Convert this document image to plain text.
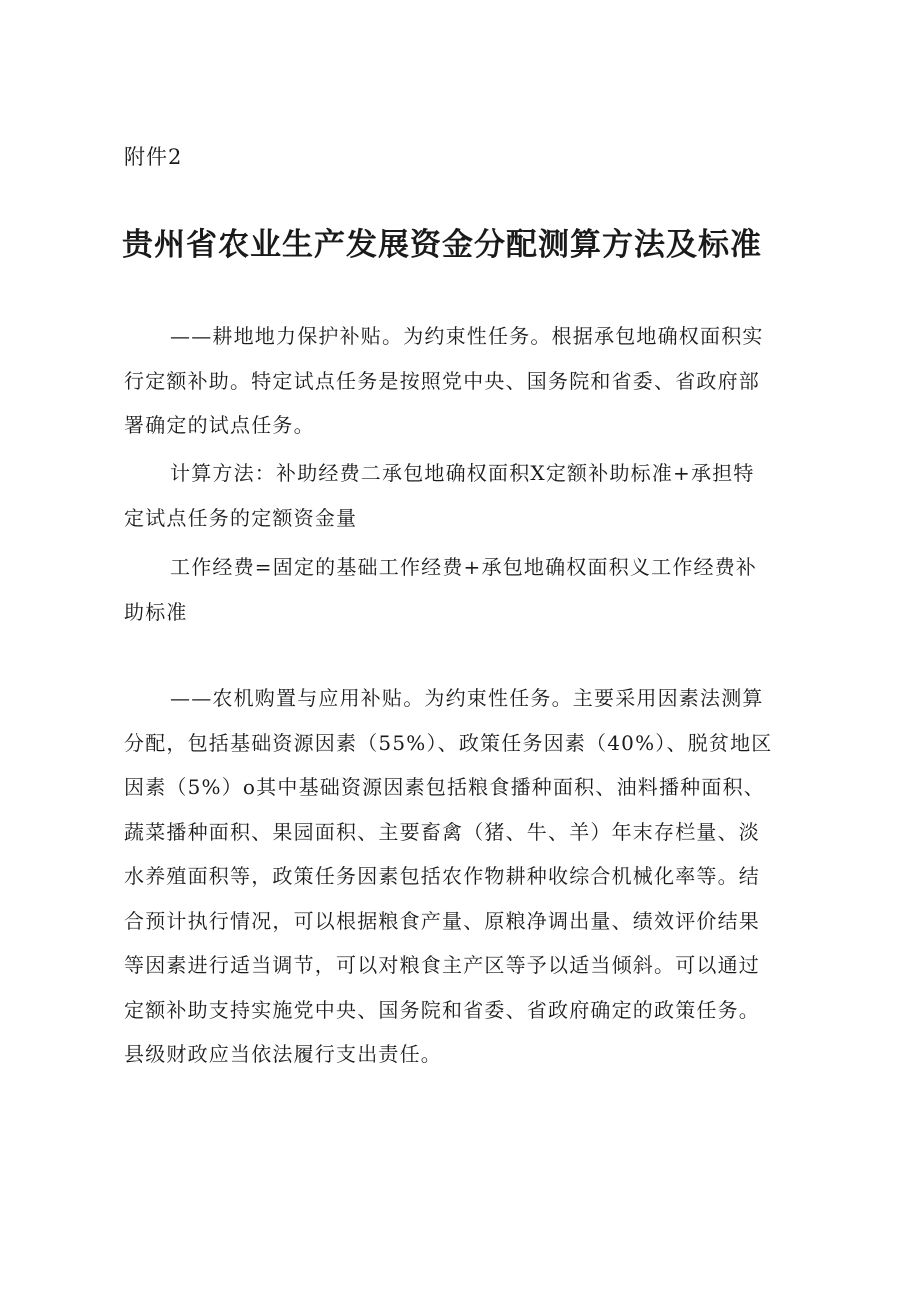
附件2
贵州省农业生产发展资金分配测算方法及标准
——耕地地力保护补贴。为约束性任务。根据承包地确权面积实
行定额补助。特定试点任务是按照党中央、国务院和省委、省政府部
署确定的试点任务。
计算方法：补助经费二承包地确权面积X定额补助标准+承担特
定试点任务的定额资金量
工作经费=固定的基础工作经费+承包地确权面积义工作经费补
助标准
——农机购置与应用补贴。为约束性任务。主要采用因素法测算
分配，包括基础资源因素（55%）、政策任务因素（40%）、脱贫地区
因素（5%）o其中基础资源因素包括粮食播种面积、油料播种面积、
蔬菜播种面积、果园面积、主要畜禽（猪、牛、羊）年末存栏量、淡
水养殖面积等，政策任务因素包括农作物耕种收综合机械化率等。结
合预计执行情况，可以根据粮食产量、原粮净调出量、绩效评价结果
等因素进行适当调节，可以对粮食主产区等予以适当倾斜。可以通过
定额补助支持实施党中央、国务院和省委、省政府确定的政策任务。
县级财政应当依法履行支出责任。
